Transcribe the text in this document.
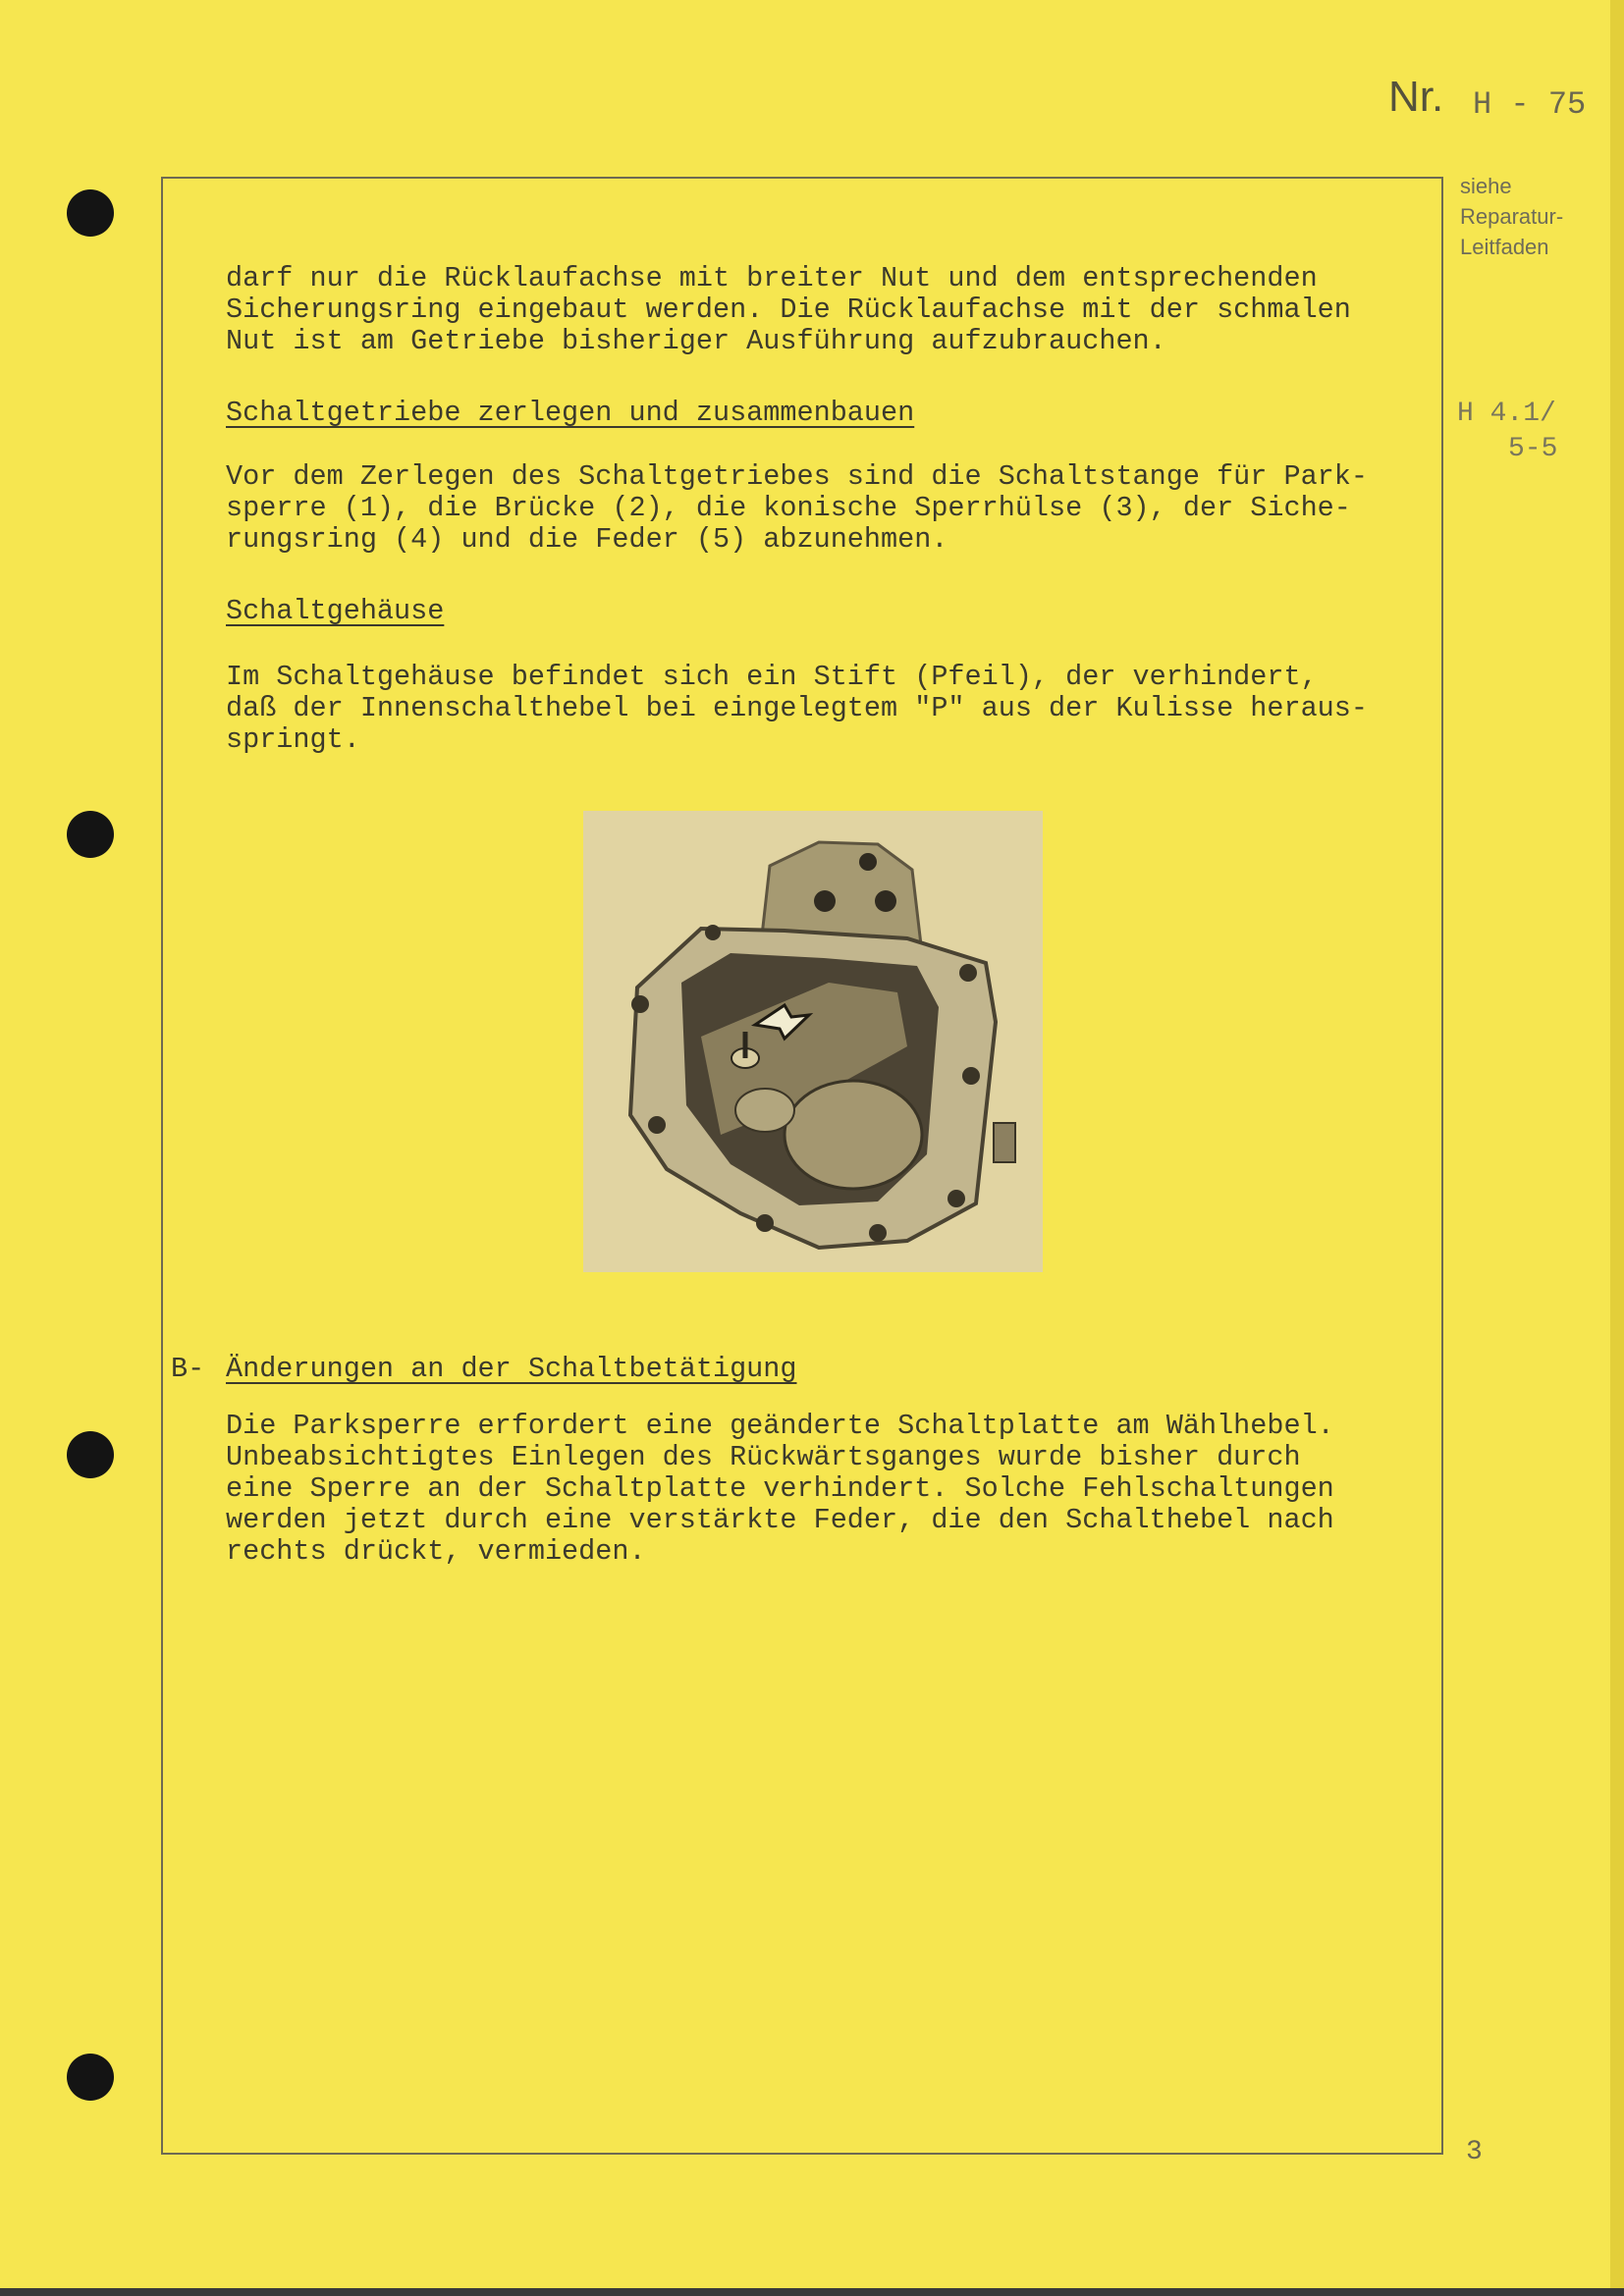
Nr. H - 75
siehe
Reparatur-
Leitfaden
H 4.1/
5-5
darf nur die Rücklaufachse mit breiter Nut und dem entsprechenden
Sicherungsring eingebaut werden. Die Rücklaufachse mit der schmalen
Nut ist am Getriebe bisheriger Ausführung aufzubrauchen.
Schaltgetriebe zerlegen und zusammenbauen
Vor dem Zerlegen des Schaltgetriebes sind die Schaltstange für Park-
sperre (1), die Brücke (2), die konische Sperrhülse (3), der Siche-
rungsring (4) und die Feder (5) abzunehmen.
Schaltgehäuse
Im Schaltgehäuse befindet sich ein Stift (Pfeil), der verhindert,
daß der Innenschalthebel bei eingelegtem "P" aus der Kulisse heraus-
springt.
B- Änderungen an der Schaltbetätigung
Die Parksperre erfordert eine geänderte Schaltplatte am Wählhebel.
Unbeabsichtigtes Einlegen des Rückwärtsganges wurde bisher durch
eine Sperre an der Schaltplatte verhindert. Solche Fehlschaltungen
werden jetzt durch eine verstärkte Feder, die den Schalthebel nach
rechts drückt, vermieden.
3
